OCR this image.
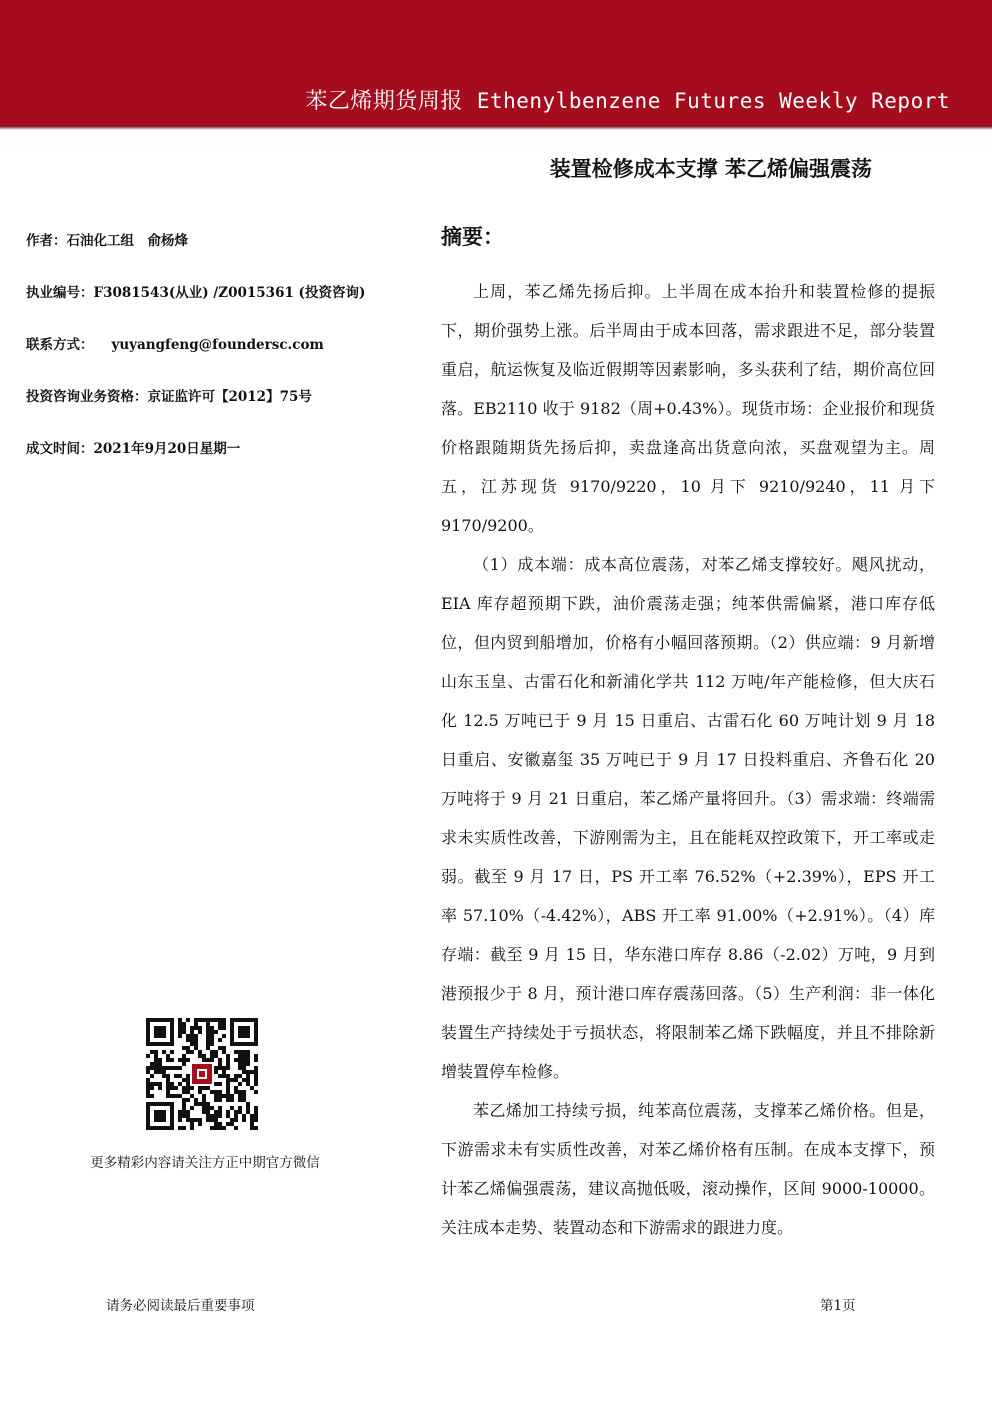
苯乙烯期货周报 Ethenylbenzene Futures Weekly Report
装置检修成本支撑 苯乙烯偏强震荡
作者：石油化工组　俞杨烽
执业编号：F3081543(从业) /Z0015361 (投资咨询)
联系方式： yuyangfeng@foundersc.com
投资咨询业务资格：京证监许可【2012】75号
成文时间：2021年9月20日星期一
更多精彩内容请关注方正中期官方微信
摘要：

上周，苯乙烯先扬后抑。上半周在成本抬升和装置检修的提振下，期价强势上涨。后半周由于成本回落，需求跟进不足，部分装置重启，航运恢复及临近假期等因素影响，多头获利了结，期价高位回落。EB2110 收于 9182（周+0.43%）。现货市场：企业报价和现货价格跟随期货先扬后抑，卖盘逢高出货意向浓，买盘观望为主。周五，江苏现货 9170/9220，10 月下 9210/9240，11 月下 9170/9200。

（1）成本端：成本高位震荡，对苯乙烯支撑较好。飓风扰动，EIA 库存超预期下跌，油价震荡走强；纯苯供需偏紧，港口库存低位，但内贸到船增加，价格有小幅回落预期。（2）供应端：9 月新增山东玉皇、古雷石化和新浦化学共 112 万吨/年产能检修，但大庆石化 12.5 万吨已于 9 月 15 日重启、古雷石化 60 万吨计划 9 月 18 日重启、安徽嘉玺 35 万吨已于 9 月 17 日投料重启、齐鲁石化 20 万吨将于 9 月 21 日重启，苯乙烯产量将回升。（3）需求端：终端需求未实质性改善，下游刚需为主，且在能耗双控政策下，开工率或走弱。截至 9 月 17 日，PS 开工率 76.52%（+2.39%），EPS 开工率 57.10%（-4.42%），ABS 开工率 91.00%（+2.91%）。（4）库存端：截至 9 月 15 日，华东港口库存 8.86（-2.02）万吨，9 月到港预报少于 8 月，预计港口库存震荡回落。（5）生产利润：非一体化装置生产持续处于亏损状态，将限制苯乙烯下跌幅度，并且不排除新增装置停车检修。

苯乙烯加工持续亏损，纯苯高位震荡，支撑苯乙烯价格。但是，下游需求未有实质性改善，对苯乙烯价格有压制。在成本支撑下，预计苯乙烯偏强震荡，建议高抛低吸，滚动操作，区间 9000-10000。关注成本走势、装置动态和下游需求的跟进力度。

请务必阅读最后重要事项	第1页
